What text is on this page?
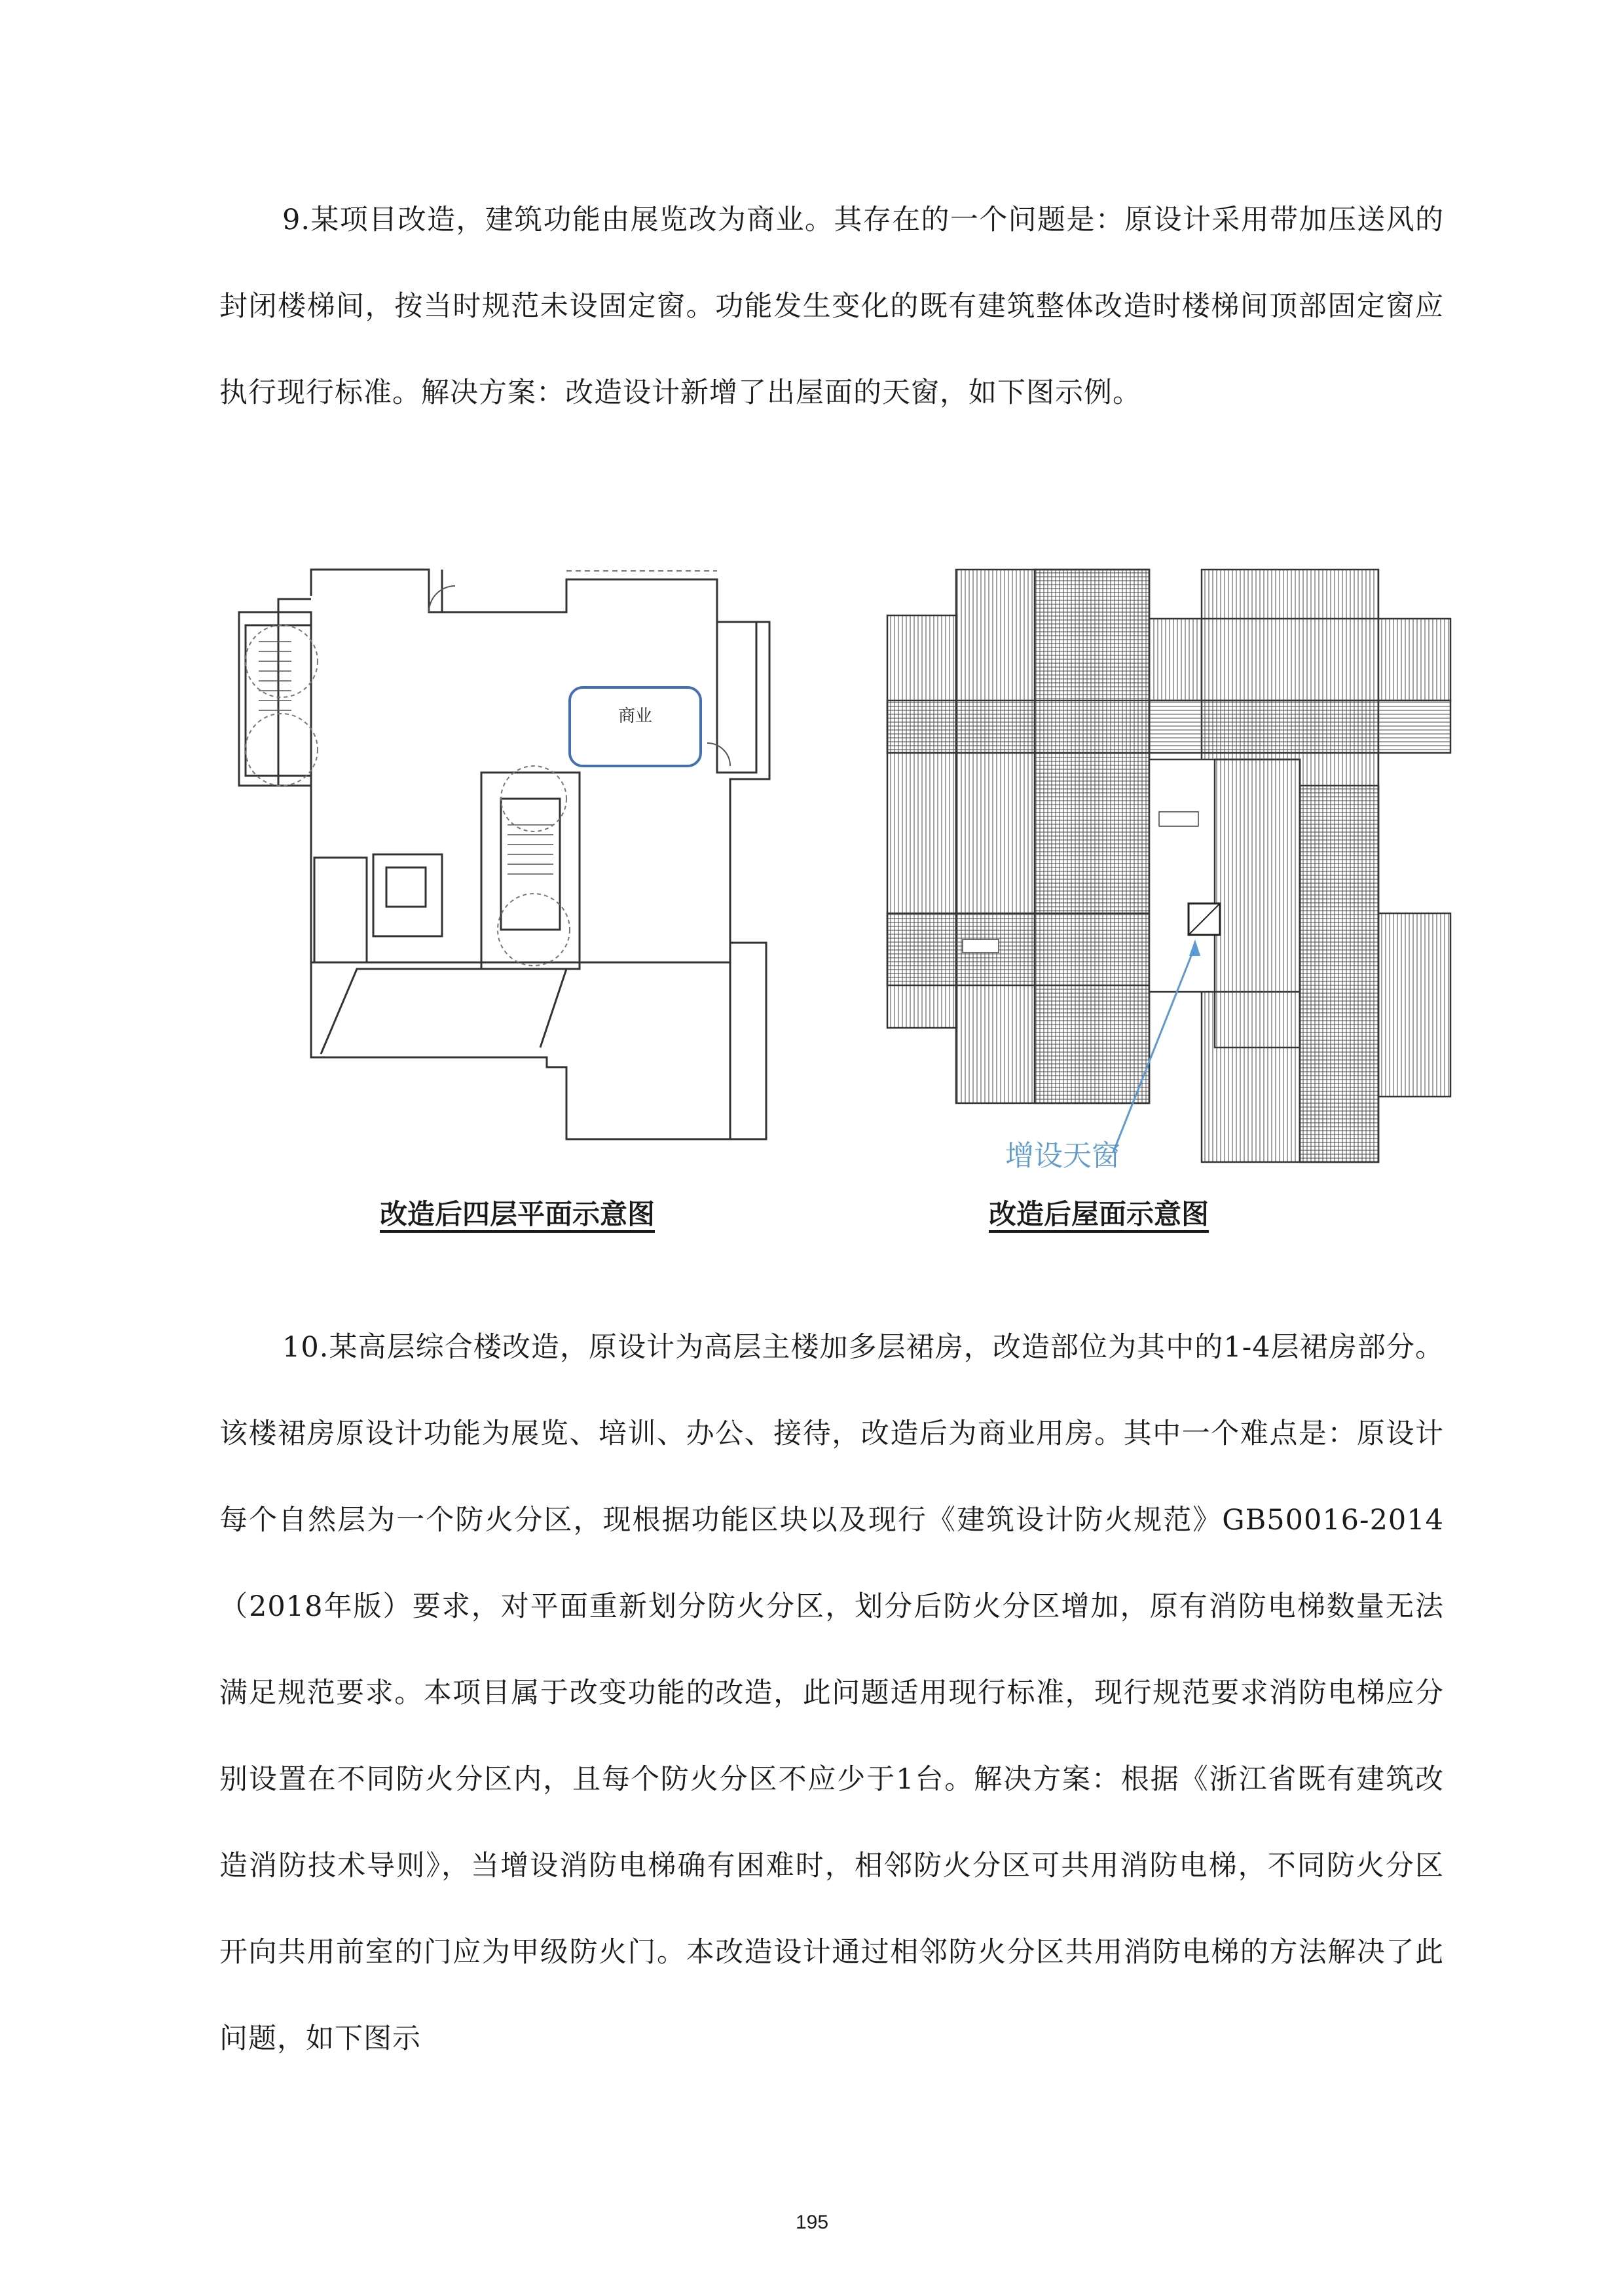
9.某项目改造，建筑功能由展览改为商业。其存在的一个问题是：原设计采用带加压送风的封闭楼梯间，按当时规范未设固定窗。功能发生变化的既有建筑整体改造时楼梯间顶部固定窗应执行现行标准。解决方案：改造设计新增了出屋面的天窗，如下图示例。

商业
增设天窗
改造后四层平面示意图	改造后屋面示意图

10.某高层综合楼改造，原设计为高层主楼加多层裙房，改造部位为其中的1-4层裙房部分。该楼裙房原设计功能为展览、培训、办公、接待，改造后为商业用房。其中一个难点是：原设计每个自然层为一个防火分区，现根据功能区块以及现行《建筑设计防火规范》GB50016-2014（2018年版）要求，对平面重新划分防火分区，划分后防火分区增加，原有消防电梯数量无法满足规范要求。本项目属于改变功能的改造，此问题适用现行标准，现行规范要求消防电梯应分别设置在不同防火分区内，且每个防火分区不应少于1台。解决方案：根据《浙江省既有建筑改造消防技术导则》，当增设消防电梯确有困难时，相邻防火分区可共用消防电梯，不同防火分区开向共用前室的门应为甲级防火门。本改造设计通过相邻防火分区共用消防电梯的方法解决了此问题，如下图示

195
